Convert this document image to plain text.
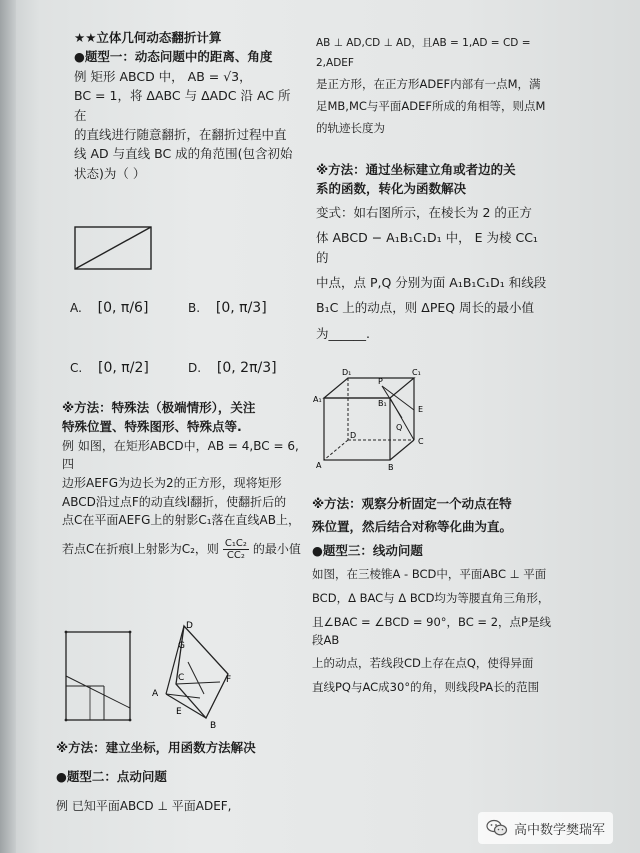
★★立体几何动态翻折计算

●题型一：动态问题中的距离、角度

例 矩形 ABCD 中， AB = √3，

BC = 1，将 ΔABC 与 ΔADC 沿 AC 所在

的直线进行随意翻折，在翻折过程中直

线 AD 与直线 BC 成的角范围(包含初始

状态)为（ ）

A. [0, π/6]	B. [0, π/3]
C. [0, π/2]	D. [0, 2π/3]

※方法：特殊法（极端情形），关注

特殊位置、特殊图形、特殊点等.

例 如图，在矩形ABCD中，AB = 4,BC = 6,四

边形AEFG为边长为2的正方形，现将矩形

ABCD沿过点F的动直线l翻折，使翻折后的

点C在平面AEFG上的射影C₁落在直线AB上，

若点C在折痕l上射影为C₂，则 $\frac{\text{C₁C₂}}{\text{CC₂}}$ 的最小值

D
G
C	F
A
E
B

※方法：建立坐标，用函数方法解决

●题型二：点动问题

例 已知平面ABCD ⊥ 平面ADEF,

AB ⊥ AD,CD ⊥ AD，且AB = 1,AD = CD = 2,ADEF

是正方形，在正方形ADEF内部有一点M，满

足MB,MC与平面ADEF所成的角相等，则点M

的轨迹长度为

※方法：通过坐标建立角或者边的关

系的函数，转化为函数解决

变式：如右图所示，在棱长为 2 的正方

体 ABCD − A₁B₁C₁D₁ 中， E 为棱 CC₁ 的

中点，点 P,Q 分别为面 A₁B₁C₁D₁ 和线段

B₁C 上的动点，则 ΔPEQ 周长的最小值

为______.

D₁
P
C₁
A₁	B₁
E
Q
D
C
A	B

※方法：观察分析固定一个动点在特

殊位置，然后结合对称等化曲为直。

●题型三：线动问题

如图，在三棱锥A - BCD中，平面ABC ⊥ 平面

BCD，Δ BAC与 Δ BCD均为等腰直角三角形，

且∠BAC = ∠BCD = 90°，BC = 2，点P是线段AB

上的动点，若线段CD上存在点Q，使得异面

直线PQ与AC成30°的角，则线段PA长的范围

高中数学樊瑞军
